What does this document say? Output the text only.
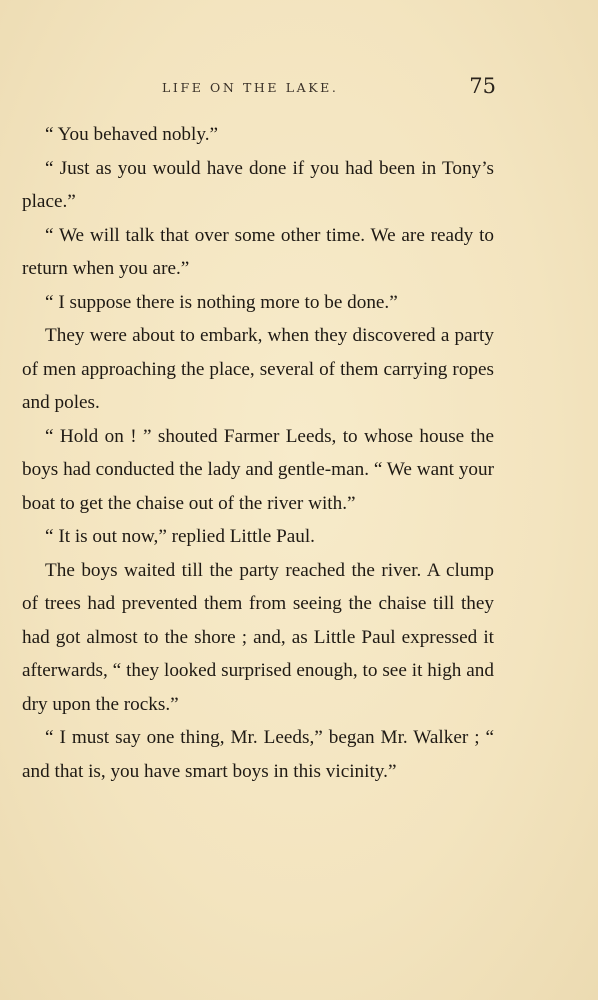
LIFE ON THE LAKE.	75

“ You behaved nobly.”

“ Just as you would have done if you had been in Tony’s place.”

“ We will talk that over some other time. We are ready to return when you are.”

“ I suppose there is nothing more to be done.”

They were about to embark, when they discovered a party of men approaching the place, several of them carrying ropes and poles.

“ Hold on ! ” shouted Farmer Leeds, to whose house the boys had conducted the lady and gentle-man. “ We want your boat to get the chaise out of the river with.”

“ It is out now,” replied Little Paul.

The boys waited till the party reached the river. A clump of trees had prevented them from seeing the chaise till they had got almost to the shore ; and, as Little Paul expressed it afterwards, “ they looked surprised enough, to see it high and dry upon the rocks.”

“ I must say one thing, Mr. Leeds,” began Mr. Walker ; “ and that is, you have smart boys in this vicinity.”
